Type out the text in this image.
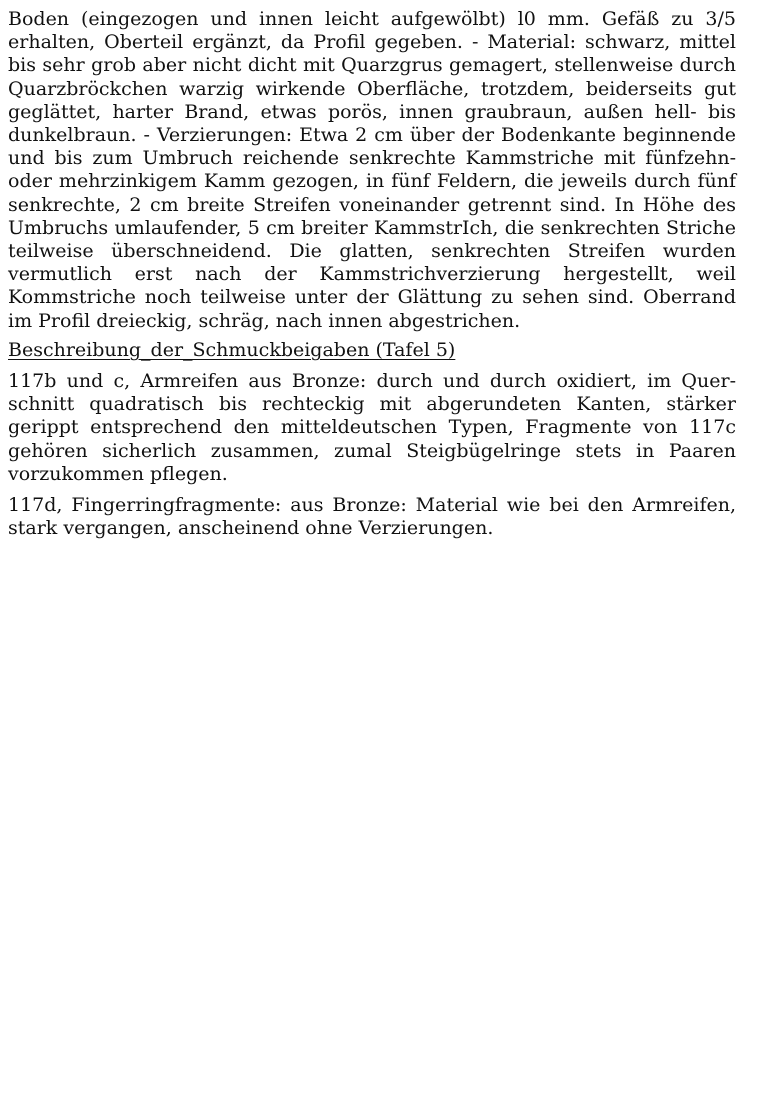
Boden (eingezogen und innen leicht aufgewölbt) l0 mm. Gefäß zu 3/5 erhalten, Oberteil ergänzt, da Profil gegeben. - Material: schwarz, mittel bis sehr grob aber nicht dicht mit Quarzgrus gemagert, stellenweise durch Quarzbröckchen warzig wirkende Oberfläche, trotzdem, beiderseits gut geglättet, harter Brand, etwas porös, innen graubraun, außen hell- bis dunkelbraun. - Verzierungen: Etwa 2 cm über der Bodenkante beginnende und bis zum Umbruch reichende senkrechte Kammstriche mit fünfzehn- oder mehrzinkigem Kamm gezogen, in fünf Feldern, die jeweils durch fünf senkrechte, 2 cm breite Streifen voneinander getrennt sind. In Höhe des Umbruchs umlaufender, 5 cm breiter KammstrIch, die senkrechten Striche teilweise überschneidend. Die glatten, senkrechten Streifen wurden vermutlich erst nach der Kammstrichverzierung hergestellt, weil Kommstriche noch teilweise unter der Glättung zu sehen sind. Oberrand im Profil dreieckig, schräg, nach innen abgestrichen.

Beschreibung_der_Schmuckbeigaben (Tafel 5)

117b und c, Armreifen aus Bronze: durch und durch oxidiert, im Querschnitt quadratisch bis rechteckig mit abgerundeten Kanten, stärker gerippt entsprechend den mitteldeutschen Typen, Fragmente von 117c gehören sicherlich zusammen, zumal Steigbügelringe stets in Paaren vorzukommen pflegen.

117d, Fingerringfragmente: aus Bronze: Material wie bei den Armreifen, stark vergangen, anscheinend ohne Verzierungen.
